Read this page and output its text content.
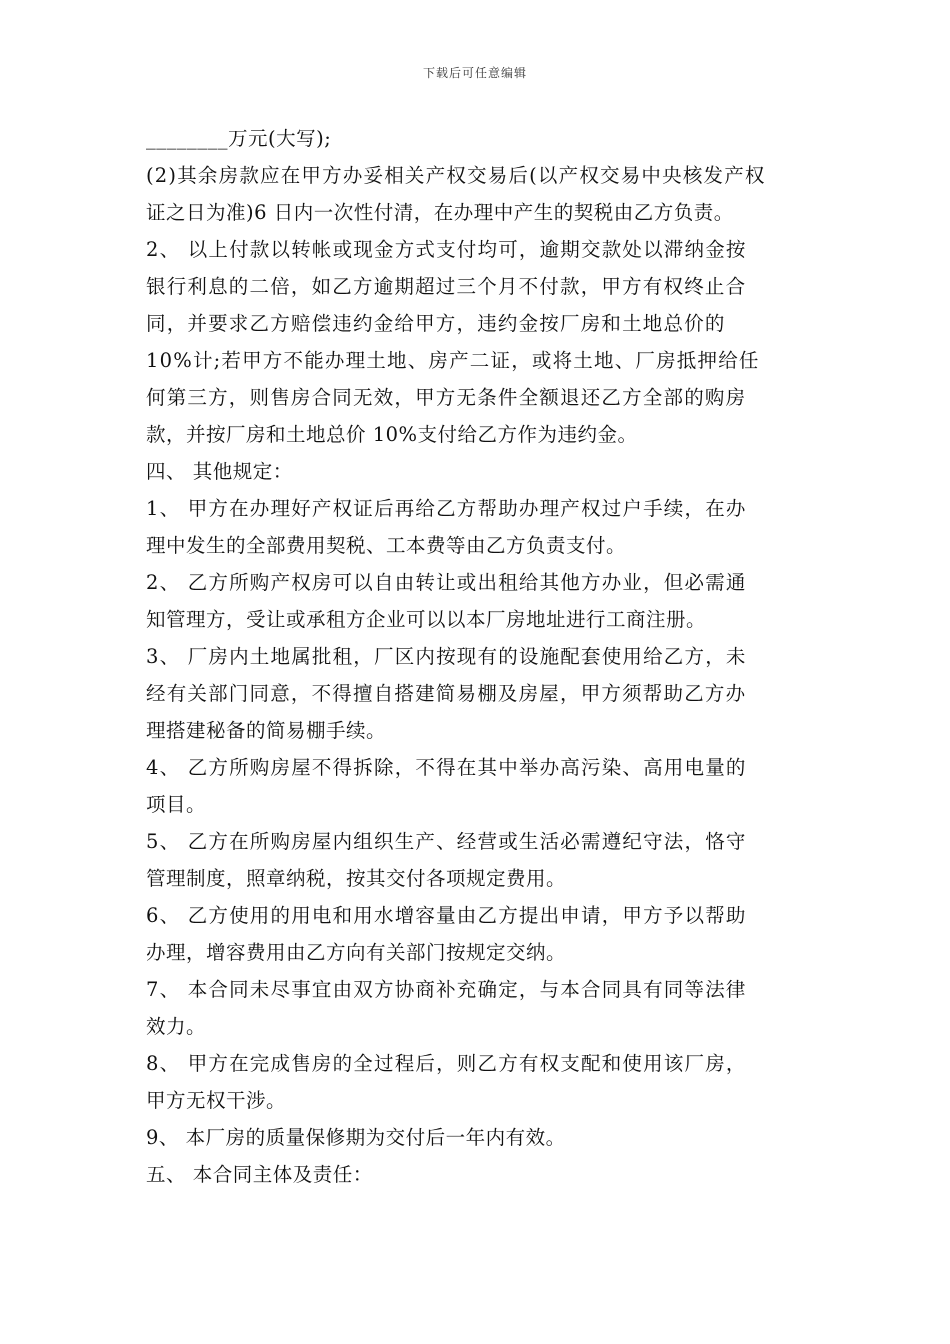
下载后可任意编辑
________万元(大写);
(2)其余房款应在甲方办妥相关产权交易后(以产权交易中央核发产权
证之日为准)6 日内一次性付清，在办理中产生的契税由乙方负责。
2、 以上付款以转帐或现金方式支付均可，逾期交款处以滞纳金按
银行利息的二倍，如乙方逾期超过三个月不付款，甲方有权终止合
同，并要求乙方赔偿违约金给甲方，违约金按厂房和土地总价的
10%计;若甲方不能办理土地、房产二证，或将土地、厂房抵押给任
何第三方，则售房合同无效，甲方无条件全额退还乙方全部的购房
款，并按厂房和土地总价 10%支付给乙方作为违约金。
四、 其他规定：
1、 甲方在办理好产权证后再给乙方帮助办理产权过户手续，在办
理中发生的全部费用契税、工本费等由乙方负责支付。
2、 乙方所购产权房可以自由转让或出租给其他方办业，但必需通
知管理方，受让或承租方企业可以以本厂房地址进行工商注册。
3、 厂房内土地属批租，厂区内按现有的设施配套使用给乙方，未
经有关部门同意，不得擅自搭建简易棚及房屋，甲方须帮助乙方办
理搭建秘备的简易棚手续。
4、 乙方所购房屋不得拆除，不得在其中举办高污染、高用电量的
项目。
5、 乙方在所购房屋内组织生产、经营或生活必需遵纪守法，恪守
管理制度，照章纳税，按其交付各项规定费用。
6、 乙方使用的用电和用水增容量由乙方提出申请，甲方予以帮助
办理，增容费用由乙方向有关部门按规定交纳。
7、 本合同未尽事宜由双方协商补充确定，与本合同具有同等法律
效力。
8、 甲方在完成售房的全过程后，则乙方有权支配和使用该厂房，
甲方无权干涉。
9、 本厂房的质量保修期为交付后一年内有效。
五、 本合同主体及责任：
